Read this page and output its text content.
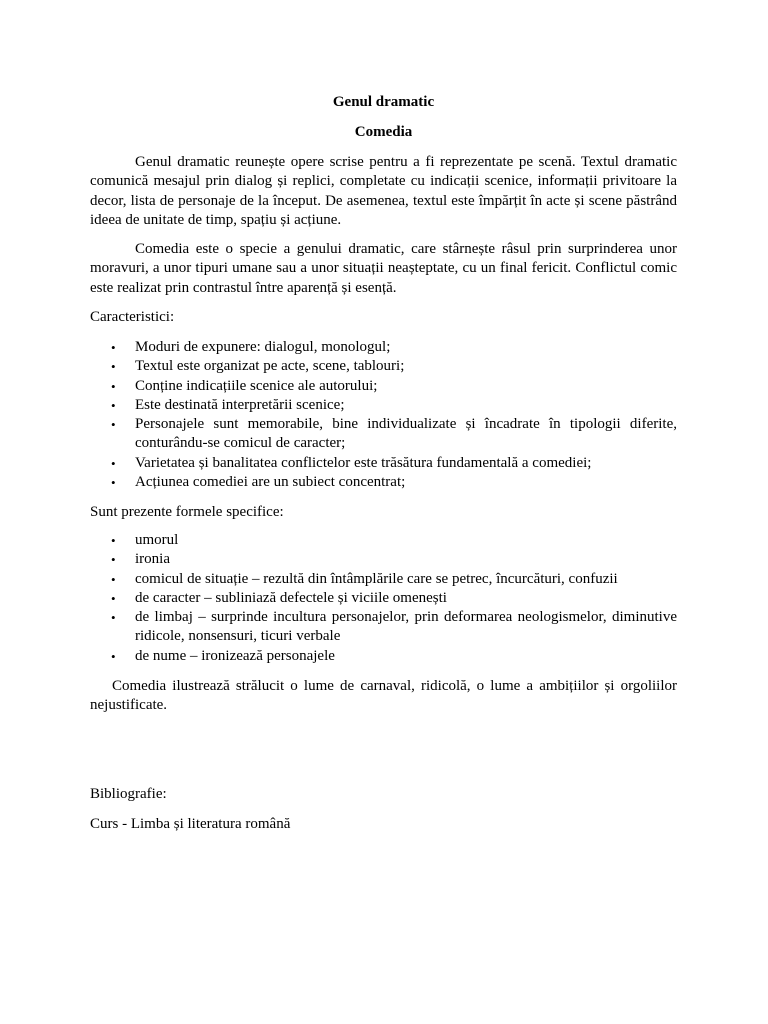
Genul dramatic

Comedia

Genul dramatic reunește opere scrise pentru a fi reprezentate pe scenă. Textul dramatic comunică mesajul prin dialog și replici, completate cu indicații scenice, informații privitoare la decor, lista de personaje de la început. De asemenea, textul este împărțit în acte și scene păstrând ideea de unitate de timp, spațiu și acțiune.

Comedia este o specie a genului dramatic, care stârnește râsul prin surprinderea unor moravuri, a unor tipuri umane sau a unor situații neașteptate, cu un final fericit. Conflictul comic este realizat prin contrastul între aparență și esență.

Caracteristici:

• Moduri de expunere: dialogul, monologul;
• Textul este organizat pe acte, scene, tablouri;
• Conține indicațiile scenice ale autorului;
• Este destinată interpretării scenice;
• Personajele sunt memorabile, bine individualizate și încadrate în tipologii diferite, conturându-se comicul de caracter;
• Varietatea și banalitatea conflictelor este trăsătura fundamentală a comediei;
• Acțiunea comediei are un subiect concentrat;

Sunt prezente formele specifice:

• umorul
• ironia
• comicul de situație – rezultă din întâmplările care se petrec, încurcături, confuzii
• de caracter – subliniază defectele și viciile omenești
• de limbaj – surprinde incultura personajelor, prin deformarea neologismelor, diminutive ridicole, nonsensuri, ticuri verbale
• de nume – ironizează personajele

Comedia ilustrează strălucit o lume de carnaval, ridicolă, o lume a ambițiilor și orgoliilor nejustificate.

Bibliografie:

Curs - Limba și literatura română
